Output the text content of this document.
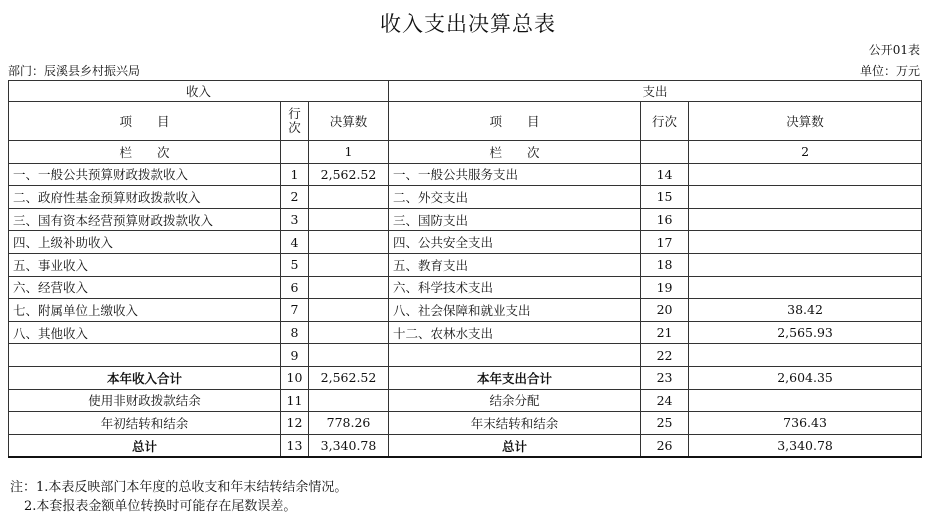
收入支出决算总表
公开01表
部门：辰溪县乡村振兴局	单位：万元
收入			支出		
项　　目	行次	决算数	项　　目	行次	决算数
栏　　次		1	栏　　次		2
一、一般公共预算财政拨款收入	1	2,562.52	一、一般公共服务支出	14	
二、政府性基金预算财政拨款收入	2		二、外交支出	15	
三、国有资本经营预算财政拨款收入	3		三、国防支出	16	
四、上级补助收入	4		四、公共安全支出	17	
五、事业收入	5		五、教育支出	18	
六、经营收入	6		六、科学技术支出	19	
七、附属单位上缴收入	7		八、社会保障和就业支出	20	38.42
八、其他收入	8		十二、农林水支出	21	2,565.93
	9			22	
本年收入合计	10	2,562.52	本年支出合计	23	2,604.35
使用非财政拨款结余	11		结余分配	24	
年初结转和结余	12	778.26	年末结转和结余	25	736.43
总计	13	3,340.78	总计	26	3,340.78
注：1.本表反映部门本年度的总收支和年末结转结余情况。
2.本套报表金额单位转换时可能存在尾数误差。
